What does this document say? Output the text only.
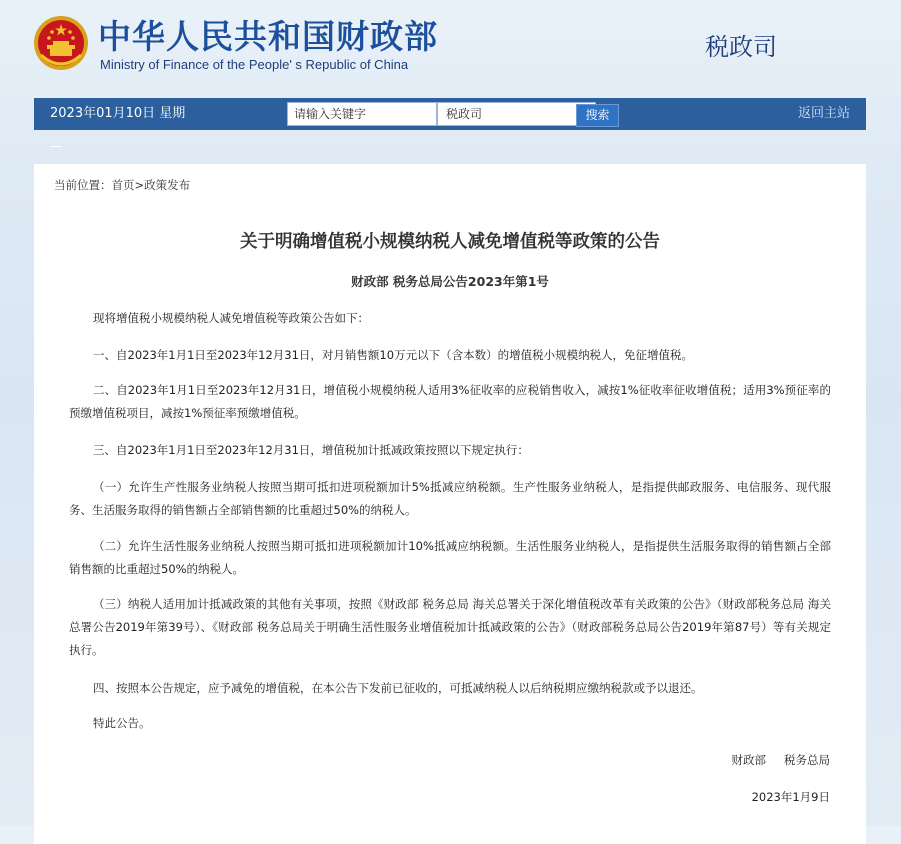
中华人民共和国财政部
Ministry of Finance of the People' s Republic of China
税政司
2023年01月10日 星期	请输入关键字	税政司	搜索	返回主站
当前位置：首页>政策发布
关于明确增值税小规模纳税人减免增值税等政策的公告
财政部 税务总局公告2023年第1号

现将增值税小规模纳税人减免增值税等政策公告如下：

一、自2023年1月1日至2023年12月31日，对月销售额10万元以下（含本数）的增值税小规模纳税人，免征增值税。

二、自2023年1月1日至2023年12月31日，增值税小规模纳税人适用3%征收率的应税销售收入，减按1%征收率征收增值税；适用3%预征率的预缴增值税项目，减按1%预征率预缴增值税。

三、自2023年1月1日至2023年12月31日，增值税加计抵减政策按照以下规定执行：

（一）允许生产性服务业纳税人按照当期可抵扣进项税额加计5%抵减应纳税额。生产性服务业纳税人，是指提供邮政服务、电信服务、现代服务、生活服务取得的销售额占全部销售额的比重超过50%的纳税人。

（二）允许生活性服务业纳税人按照当期可抵扣进项税额加计10%抵减应纳税额。生活性服务业纳税人，是指提供生活服务取得的销售额占全部销售额的比重超过50%的纳税人。

（三）纳税人适用加计抵减政策的其他有关事项，按照《财政部 税务总局 海关总署关于深化增值税改革有关政策的公告》（财政部税务总局 海关总署公告2019年第39号）、《财政部 税务总局关于明确生活性服务业增值税加计抵减政策的公告》（财政部税务总局公告2019年第87号）等有关规定执行。

四、按照本公告规定，应予减免的增值税，在本公告下发前已征收的，可抵减纳税人以后纳税期应缴纳税款或予以退还。

特此公告。

财政部 税务总局
2023年1月9日
